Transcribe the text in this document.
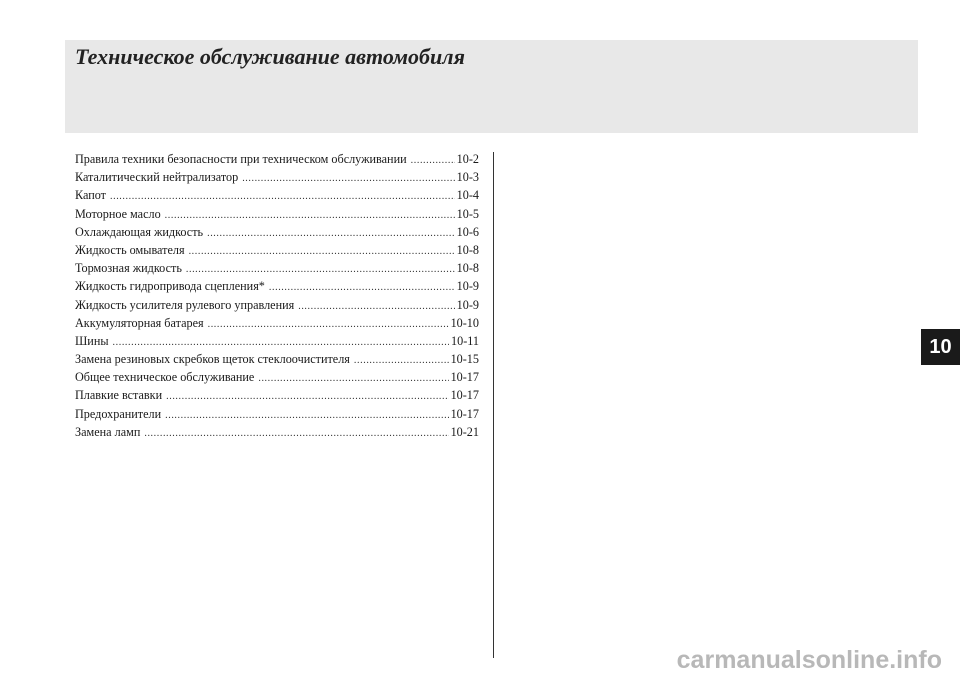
Техническое обслуживание автомобиля
Правила техники безопасности при техническом обслуживании .....	10-2
Каталитический нейтрализатор .....	10-3
Капот .....	10-4
Моторное масло .....	10-5
Охлаждающая жидкость .....	10-6
Жидкость омывателя .....	10-8
Тормозная жидкость .....	10-8
Жидкость гидропривода сцепления* .....	10-9
Жидкость усилителя рулевого управления .....	10-9
Аккумуляторная батарея .....	10-10
Шины .....	10-11
Замена резиновых скребков щеток стеклоочистителя .....	10-15
Общее техническое обслуживание .....	10-17
Плавкие вставки .....	10-17
Предохранители .....	10-17
Замена ламп .....	10-21
10
carmanualsonline.info
